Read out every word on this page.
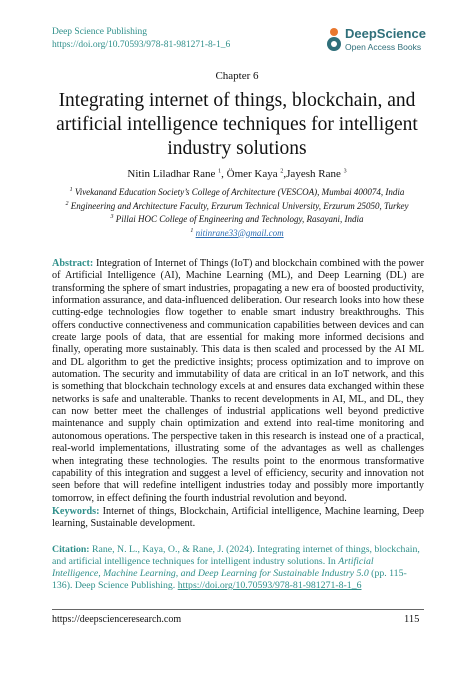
Deep Science Publishing
https://doi.org/10.70593/978-81-981271-8-1_6
DeepScience
Open Access Books
Chapter 6
Integrating internet of things, blockchain, and artificial intelligence techniques for intelligent industry solutions
Nitin Liladhar Rane $^1$, Ömer Kaya $^2$,Jayesh Rane $^3$
$^1$ Vivekanand Education Society’s College of Architecture (VESCOA), Mumbai 400074, India
$^2$ Engineering and Architecture Faculty, Erzurum Technical University, Erzurum 25050, Turkey
$^3$ Pillai HOC College of Engineering and Technology, Rasayani, India
$^1$ nitinrane33@gmail.com
Abstract: Integration of Internet of Things (IoT) and blockchain combined with the power of Artificial Intelligence (AI), Machine Learning (ML), and Deep Learning (DL) are transforming the sphere of smart industries, propagating a new era of boosted productivity, information assurance, and data-influenced deliberation. Our research looks into how these cutting-edge technologies flow together to enable smart industry breakthroughs. This offers conductive connectiveness and communication capabilities between devices and can create large pools of data, that are essential for making more informed decisions and finally, operating more sustainably. This data is then scaled and processed by the AI ML and DL algorithm to get the predictive insights; process optimization and to improve on automation. The security and immutability of data are critical in an IoT network, and this is something that blockchain technology excels at and ensures data exchanged within these networks is safe and unalterable. Thanks to recent developments in AI, ML, and DL, they can now better meet the challenges of industrial applications well beyond predictive maintenance and supply chain optimization and extend into real-time monitoring and autonomous operations. The perspective taken in this research is instead one of a practical, real-world implementations, illustrating some of the advantages as well as challenges when integrating these technologies. The results point to the enormous transformative capability of this integration and suggest a level of efficiency, security and innovation not seen before that will redefine intelligent industries today and possibly more importantly tomorrow, in effect defining the fourth industrial revolution and beyond.
Keywords: Internet of things, Blockchain, Artificial intelligence, Machine learning, Deep learning, Sustainable development.
Citation: Rane, N. L., Kaya, O., & Rane, J. (2024). Integrating internet of things, blockchain, and artificial intelligence techniques for intelligent industry solutions. In Artificial Intelligence, Machine Learning, and Deep Learning for Sustainable Industry 5.0 (pp. 115-136). Deep Science Publishing. https://doi.org/10.70593/978-81-981271-8-1_6
https://deepscienceresearch.com	115
